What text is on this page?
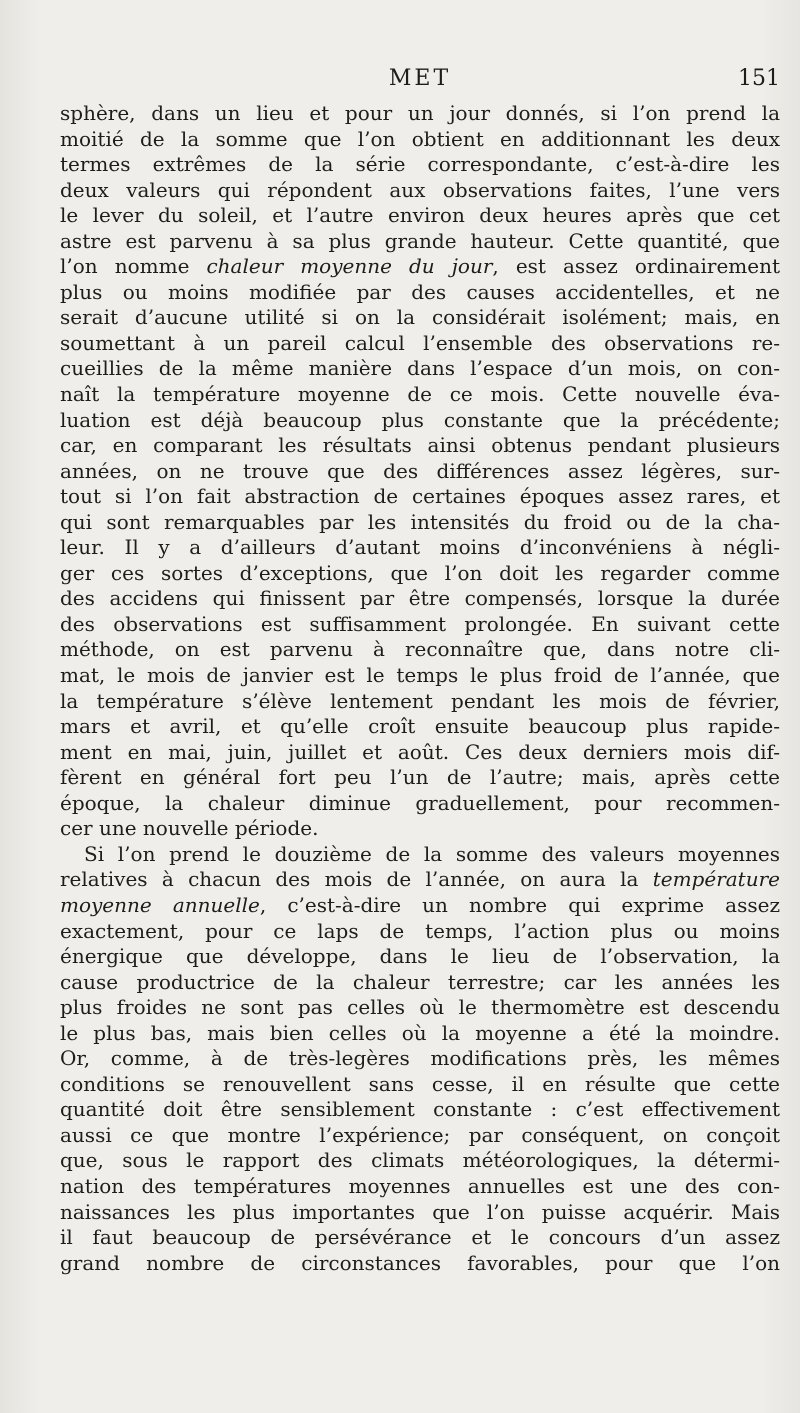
MET	151
sphère, dans un lieu et pour un jour donnés, si l’on prend la
moitié de la somme que l’on obtient en additionnant les deux
termes extrêmes de la série correspondante, c’est-à-dire les
deux valeurs qui répondent aux observations faites, l’une vers
le lever du soleil, et l’autre environ deux heures après que cet
astre est parvenu à sa plus grande hauteur. Cette quantité, que
l’on nomme chaleur moyenne du jour, est assez ordinairement
plus ou moins modifiée par des causes accidentelles, et ne
serait d’aucune utilité si on la considérait isolément; mais, en
soumettant à un pareil calcul l’ensemble des observations re-
cueillies de la même manière dans l’espace d’un mois, on con-
naît la température moyenne de ce mois. Cette nouvelle éva-
luation est déjà beaucoup plus constante que la précédente;
car, en comparant les résultats ainsi obtenus pendant plusieurs
années, on ne trouve que des différences assez légères, sur-
tout si l’on fait abstraction de certaines époques assez rares, et
qui sont remarquables par les intensités du froid ou de la cha-
leur. Il y a d’ailleurs d’autant moins d’inconvéniens à négli-
ger ces sortes d’exceptions, que l’on doit les regarder comme
des accidens qui finissent par être compensés, lorsque la durée
des observations est suffisamment prolongée. En suivant cette
méthode, on est parvenu à reconnaître que, dans notre cli-
mat, le mois de janvier est le temps le plus froid de l’année, que
la température s’élève lentement pendant les mois de février,
mars et avril, et qu’elle croît ensuite beaucoup plus rapide-
ment en mai, juin, juillet et août. Ces deux derniers mois dif-
fèrent en général fort peu l’un de l’autre; mais, après cette
époque, la chaleur diminue graduellement, pour recommen-
cer une nouvelle période.
Si l’on prend le douzième de la somme des valeurs moyennes
relatives à chacun des mois de l’année, on aura la température
moyenne annuelle, c’est-à-dire un nombre qui exprime assez
exactement, pour ce laps de temps, l’action plus ou moins
énergique que développe, dans le lieu de l’observation, la
cause productrice de la chaleur terrestre; car les années les
plus froides ne sont pas celles où le thermomètre est descendu
le plus bas, mais bien celles où la moyenne a été la moindre.
Or, comme, à de très-legères modifications près, les mêmes
conditions se renouvellent sans cesse, il en résulte que cette
quantité doit être sensiblement constante : c’est effectivement
aussi ce que montre l’expérience; par conséquent, on conçoit
que, sous le rapport des climats météorologiques, la détermi-
nation des températures moyennes annuelles est une des con-
naissances les plus importantes que l’on puisse acquérir. Mais
il faut beaucoup de persévérance et le concours d’un assez
grand nombre de circonstances favorables, pour que l’on
